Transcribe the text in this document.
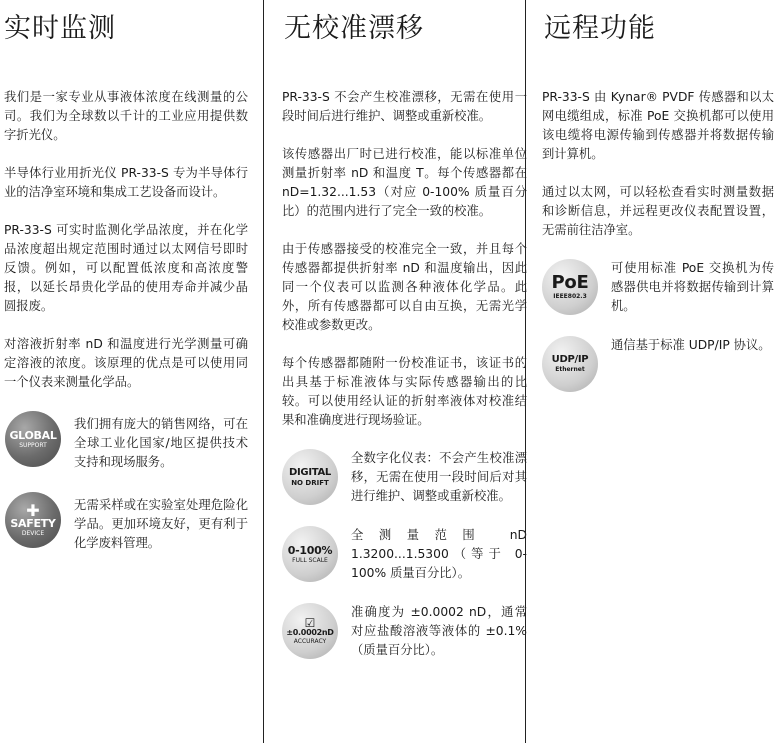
实时监测

我们是一家专业从事液体浓度在线测量的公司。我们为全球数以千计的工业应用提供数字折光仪。

半导体行业用折光仪 PR-33-S 专为半导体行业的洁净室环境和集成工艺设备而设计。

PR-33-S 可实时监测化学品浓度，并在化学品浓度超出规定范围时通过以太网信号即时反馈。例如，可以配置低浓度和高浓度警报，以延长昂贵化学品的使用寿命并减少晶圆报废。

对溶液折射率 nD 和温度进行光学测量可确定溶液的浓度。该原理的优点是可以使用同一个仪表来测量化学品。

GLOBAL
SUPPORT
我们拥有庞大的销售网络，可在全球工业化国家/地区提供技术支持和现场服务。
✚
SAFETY
DEVICE
无需采样或在实验室处理危险化学品。更加环境友好，更有利于化学废料管理。
无校准漂移

PR-33-S 不会产生校准漂移，无需在使用一段时间后进行维护、调整或重新校准。

该传感器出厂时已进行校准，能以标准单位测量折射率 nD 和温度 T。每个传感器都在 nD=1.32...1.53（对应 0-100% 质量百分比）的范围内进行了完全一致的校准。

由于传感器接受的校准完全一致，并且每个传感器都提供折射率 nD 和温度输出，因此同一个仪表可以监测各种液体化学品。此外，所有传感器都可以自由互换，无需光学校准或参数更改。

每个传感器都随附一份校准证书，该证书的出具基于标准液体与实际传感器输出的比较。可以使用经认证的折射率液体对校准结果和准确度进行现场验证。

DIGITAL
NO DRIFT
全数字化仪表：不会产生校准漂移，无需在使用一段时间后对其进行维护、调整或重新校准。
0-100%
FULL SCALE
全测量范围 nD 1.3200...1.5300（等于 0-100% 质量百分比）。
☑
±0.0002nD
ACCURACY
准确度为 ±0.0002 nD，通常对应盐酸溶液等液体的 ±0.1%（质量百分比）。
远程功能

PR-33-S 由 Kynar® PVDF 传感器和以太网电缆组成，标准 PoE 交换机都可以使用该电缆将电源传输到传感器并将数据传输到计算机。

通过以太网，可以轻松查看实时测量数据和诊断信息，并远程更改仪表配置设置，无需前往洁净室。

PoE
IEEE802.3
可使用标准 PoE 交换机为传感器供电并将数据传输到计算机。
UDP/IP
Ethernet
通信基于标准 UDP/IP 协议。
